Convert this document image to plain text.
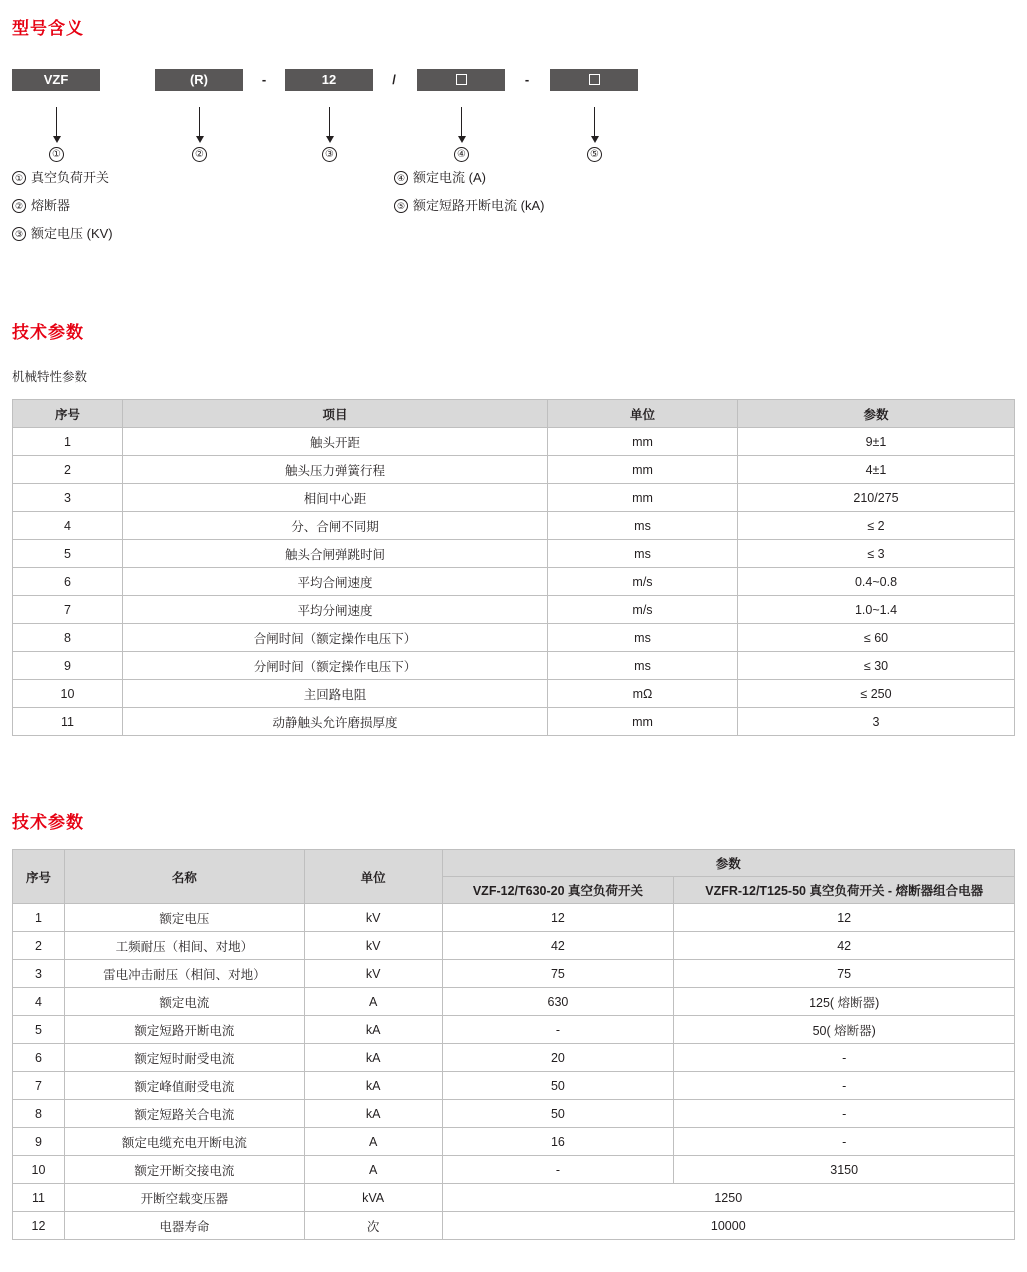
型号含义
VZF	(R)	-	12	/	-
①	②	③	④	⑤
① 真空负荷开关
② 熔断器
③ 额定电压 (KV)
④ 额定电流 (A)
⑤ 额定短路开断电流 (kA)
技术参数
机械特性参数
序号	项目	单位	参数
1	触头开距	mm	9±1
2	触头压力弹簧行程	mm	4±1
3	相间中心距	mm	210/275
4	分、合闸不同期	ms	≤ 2
5	触头合闸弹跳时间	ms	≤ 3
6	平均合闸速度	m/s	0.4~0.8
7	平均分闸速度	m/s	1.0~1.4
8	合闸时间（额定操作电压下）	ms	≤ 60
9	分闸时间（额定操作电压下）	ms	≤ 30
10	主回路电阻	mΩ	≤ 250
11	动静触头允许磨损厚度	mm	3
技术参数
序号	名称	单位	参数	
			VZF-12/T630-20 真空负荷开关	VZFR-12/T125-50 真空负荷开关 - 熔断器组合电器
1	额定电压	kV	12	12
2	工频耐压（相间、对地）	kV	42	42
3	雷电冲击耐压（相间、对地）	kV	75	75
4	额定电流	A	630	125( 熔断器)
5	额定短路开断电流	kA	-	50( 熔断器)
6	额定短时耐受电流	kA	20	-
7	额定峰值耐受电流	kA	50	-
8	额定短路关合电流	kA	50	-
9	额定电缆充电开断电流	A	16	-
10	额定开断交接电流	A	-	3150
11	开断空载变压器	kVA	1250	
12	电器寿命	次	10000	
